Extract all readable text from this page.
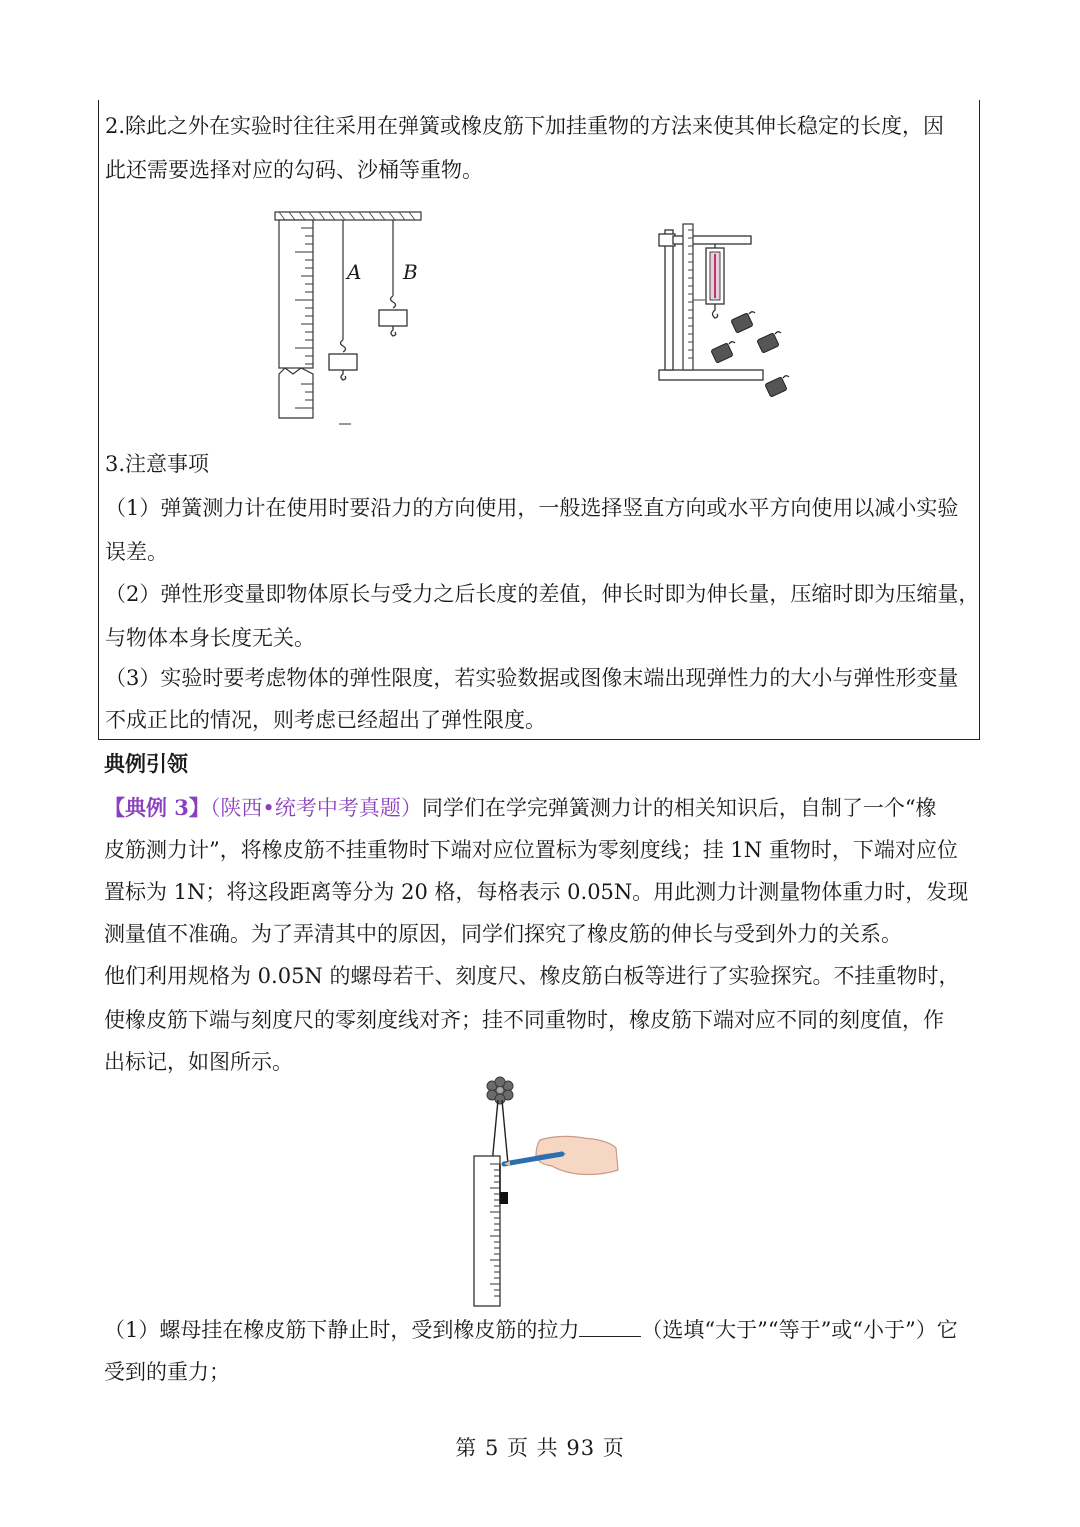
2.除此之外在实验时往往采用在弹簧或橡皮筋下加挂重物的方法来使其伸长稳定的长度，因

此还需要选择对应的勾码、沙桶等重物。

A B

3.注意事项

（1）弹簧测力计在使用时要沿力的方向使用，一般选择竖直方向或水平方向使用以减小实验

误差。

（2）弹性形变量即物体原长与受力之后长度的差值，伸长时即为伸长量，压缩时即为压缩量，

与物体本身长度无关。

（3）实验时要考虑物体的弹性限度，若实验数据或图像末端出现弹性力的大小与弹性形变量

不成正比的情况，则考虑已经超出了弹性限度。

典例引领

【典例 3】（陕西•统考中考真题）同学们在学完弹簧测力计的相关知识后，自制了一个“橡

皮筋测力计”，将橡皮筋不挂重物时下端对应位置标为零刻度线；挂 1N 重物时，下端对应位

置标为 1N；将这段距离等分为 20 格，每格表示 0.05N。用此测力计测量物体重力时，发现

测量值不准确。为了弄清其中的原因，同学们探究了橡皮筋的伸长与受到外力的关系。

他们利用规格为 0.05N 的螺母若干、刻度尺、橡皮筋白板等进行了实验探究。不挂重物时，

使橡皮筋下端与刻度尺的零刻度线对齐；挂不同重物时，橡皮筋下端对应不同的刻度值，作

出标记，如图所示。

（1）螺母挂在橡皮筋下静止时，受到橡皮筋的拉力	（选填“大于”“等于”或“小于”）它

受到的重力；

第 5 页 共 93 页
